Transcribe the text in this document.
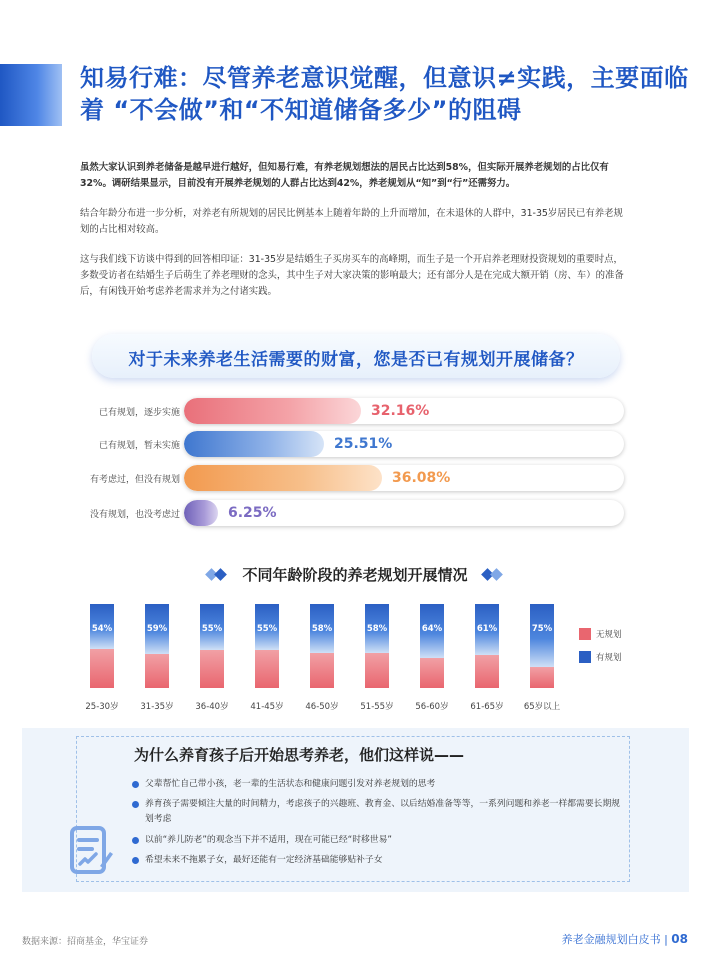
知易行难：尽管养老意识觉醒，但意识≠实践，主要面临着 “不会做”和“不知道储备多少”的阻碍

虽然大家认识到养老储备是越早进行越好，但知易行难，有养老规划想法的居民占比达到58%，但实际开展养老规划的占比仅有32%。调研结果显示，目前没有开展养老规划的人群占比达到42%，养老规划从“知”到“行”还需努力。

结合年龄分布进一步分析，对养老有所规划的居民比例基本上随着年龄的上升而增加，在未退休的人群中，31-35岁居民已有养老规划的占比相对较高。

这与我们线下访谈中得到的回答相印证：31-35岁是结婚生子买房买车的高峰期，而生子是一个开启养老理财投资规划的重要时点，多数受访者在结婚生子后萌生了养老理财的念头，其中生子对大家决策的影响最大；还有部分人是在完成大额开销（房、车）的准备后，有闲钱开始考虑养老需求并为之付诸实践。

对于未来养老生活需要的财富，您是否已有规划开展储备？
已有规划，逐步实施	32.16%
已有规划，暂未实施	25.51%
有考虑过，但没有规划	36.08%
没有规划，也没考虑过	6.25%
不同年龄阶段的养老规划开展情况
54%
25-30岁
59%
31-35岁
55%
36-40岁
55%
41-45岁
58%
46-50岁
58%
51-55岁
64%
56-60岁
61%
61-65岁
75%
65岁以上
无规划
有规划
为什么养育孩子后开始思考养老，他们这样说——
父辈帮忙自己带小孩，老一辈的生活状态和健康问题引发对养老规划的思考
养育孩子需要倾注大量的时间精力，考虑孩子的兴趣班、教育金、以后结婚准备等等，一系列问题和养老一样都需要长期规划考虑
以前“养儿防老”的观念当下并不适用，现在可能已经“时移世易”
希望未来不拖累子女，最好还能有一定经济基础能够贴补子女
数据来源：招商基金，华宝证券	养老金融规划白皮书 | 08
